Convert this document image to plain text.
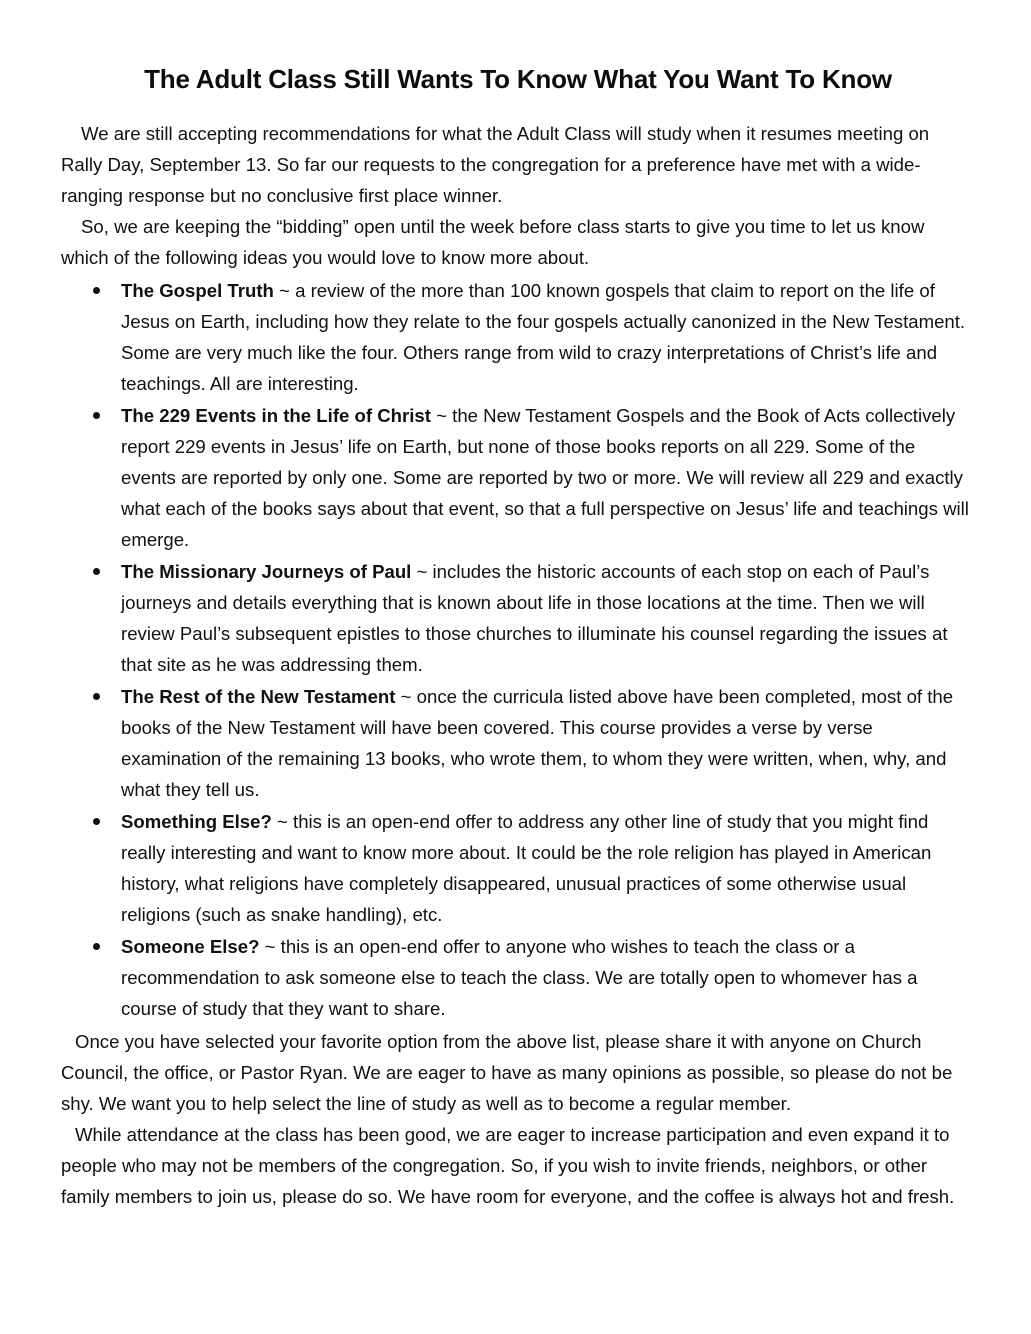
The Adult Class Still Wants To Know What You Want To Know

We are still accepting recommendations for what the Adult Class will study when it resumes meeting on Rally Day, September 13. So far our requests to the congregation for a preference have met with a wide-ranging response but no conclusive first place winner.

So, we are keeping the “bidding” open until the week before class starts to give you time to let us know which of the following ideas you would love to know more about.

The Gospel Truth ~ a review of the more than 100 known gospels that claim to report on the life of Jesus on Earth, including how they relate to the four gospels actually canonized in the New Testament. Some are very much like the four. Others range from wild to crazy interpretations of Christ’s life and teachings. All are interesting.
The 229 Events in the Life of Christ ~ the New Testament Gospels and the Book of Acts collectively report 229 events in Jesus’ life on Earth, but none of those books reports on all 229. Some of the events are reported by only one. Some are reported by two or more. We will review all 229 and exactly what each of the books says about that event, so that a full perspective on Jesus’ life and teachings will emerge.
The Missionary Journeys of Paul ~ includes the historic accounts of each stop on each of Paul’s journeys and details everything that is known about life in those locations at the time. Then we will review Paul’s subsequent epistles to those churches to illuminate his counsel regarding the issues at that site as he was addressing them.
The Rest of the New Testament ~ once the curricula listed above have been completed, most of the books of the New Testament will have been covered. This course provides a verse by verse examination of the remaining 13 books, who wrote them, to whom they were written, when, why, and what they tell us.
Something Else? ~ this is an open-end offer to address any other line of study that you might find really interesting and want to know more about. It could be the role religion has played in American history, what religions have completely disappeared, unusual practices of some otherwise usual religions (such as snake handling), etc.
Someone Else? ~ this is an open-end offer to anyone who wishes to teach the class or a recommendation to ask someone else to teach the class. We are totally open to whomever has a course of study that they want to share.

Once you have selected your favorite option from the above list, please share it with anyone on Church Council, the office, or Pastor Ryan. We are eager to have as many opinions as possible, so please do not be shy. We want you to help select the line of study as well as to become a regular member.

While attendance at the class has been good, we are eager to increase participation and even expand it to people who may not be members of the congregation. So, if you wish to invite friends, neighbors, or other family members to join us, please do so. We have room for everyone, and the coffee is always hot and fresh.
